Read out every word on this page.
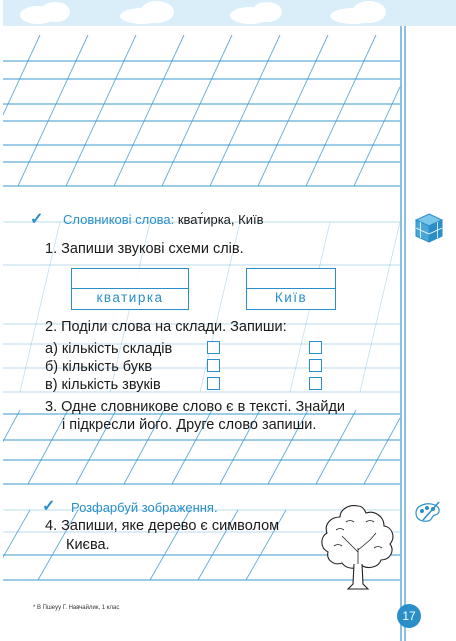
✓ Словникові слова: кват́ирка, Київ
1. Запиши звукові схеми слів.
кватирка	Київ
2. Поділи слова на склади. Запиши:
а) кількість складів
б) кількість букв
в) кількість звуків
3. Одне словникове слово є в тексті. Знайди
і підкресли його. Друге слово запиши.
✓ Розфарбуй зображення.
4. Запиши, яке дерево є символом
Києва.
* В Пшеуу Г. Навчайлик, 1 клас
17
